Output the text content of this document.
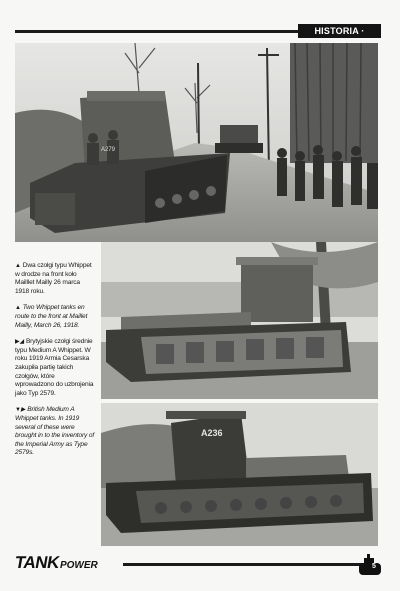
HISTORIA ·
A279
A236

▲ Dwa czołgi typu Whippet w drodze na front koło Mailllet Mailly 26 marca 1918 roku.

▲ Two Whippet tanks en route to the front at Maillet Mailly, March 26, 1918.

▶◢ Brytyjskie czołgi średnie typu Medium A Whippet. W roku 1919 Armia Cesarska zakupiła partię takich czołgów, które wprowadzono do uzbrojenia jako Typ 2579.

▼▶ British Medium A Whippet tanks. In 1919 several of these were brought in to the inventory of the Imperial Army as Type 2579s.

TANK POWER	5
